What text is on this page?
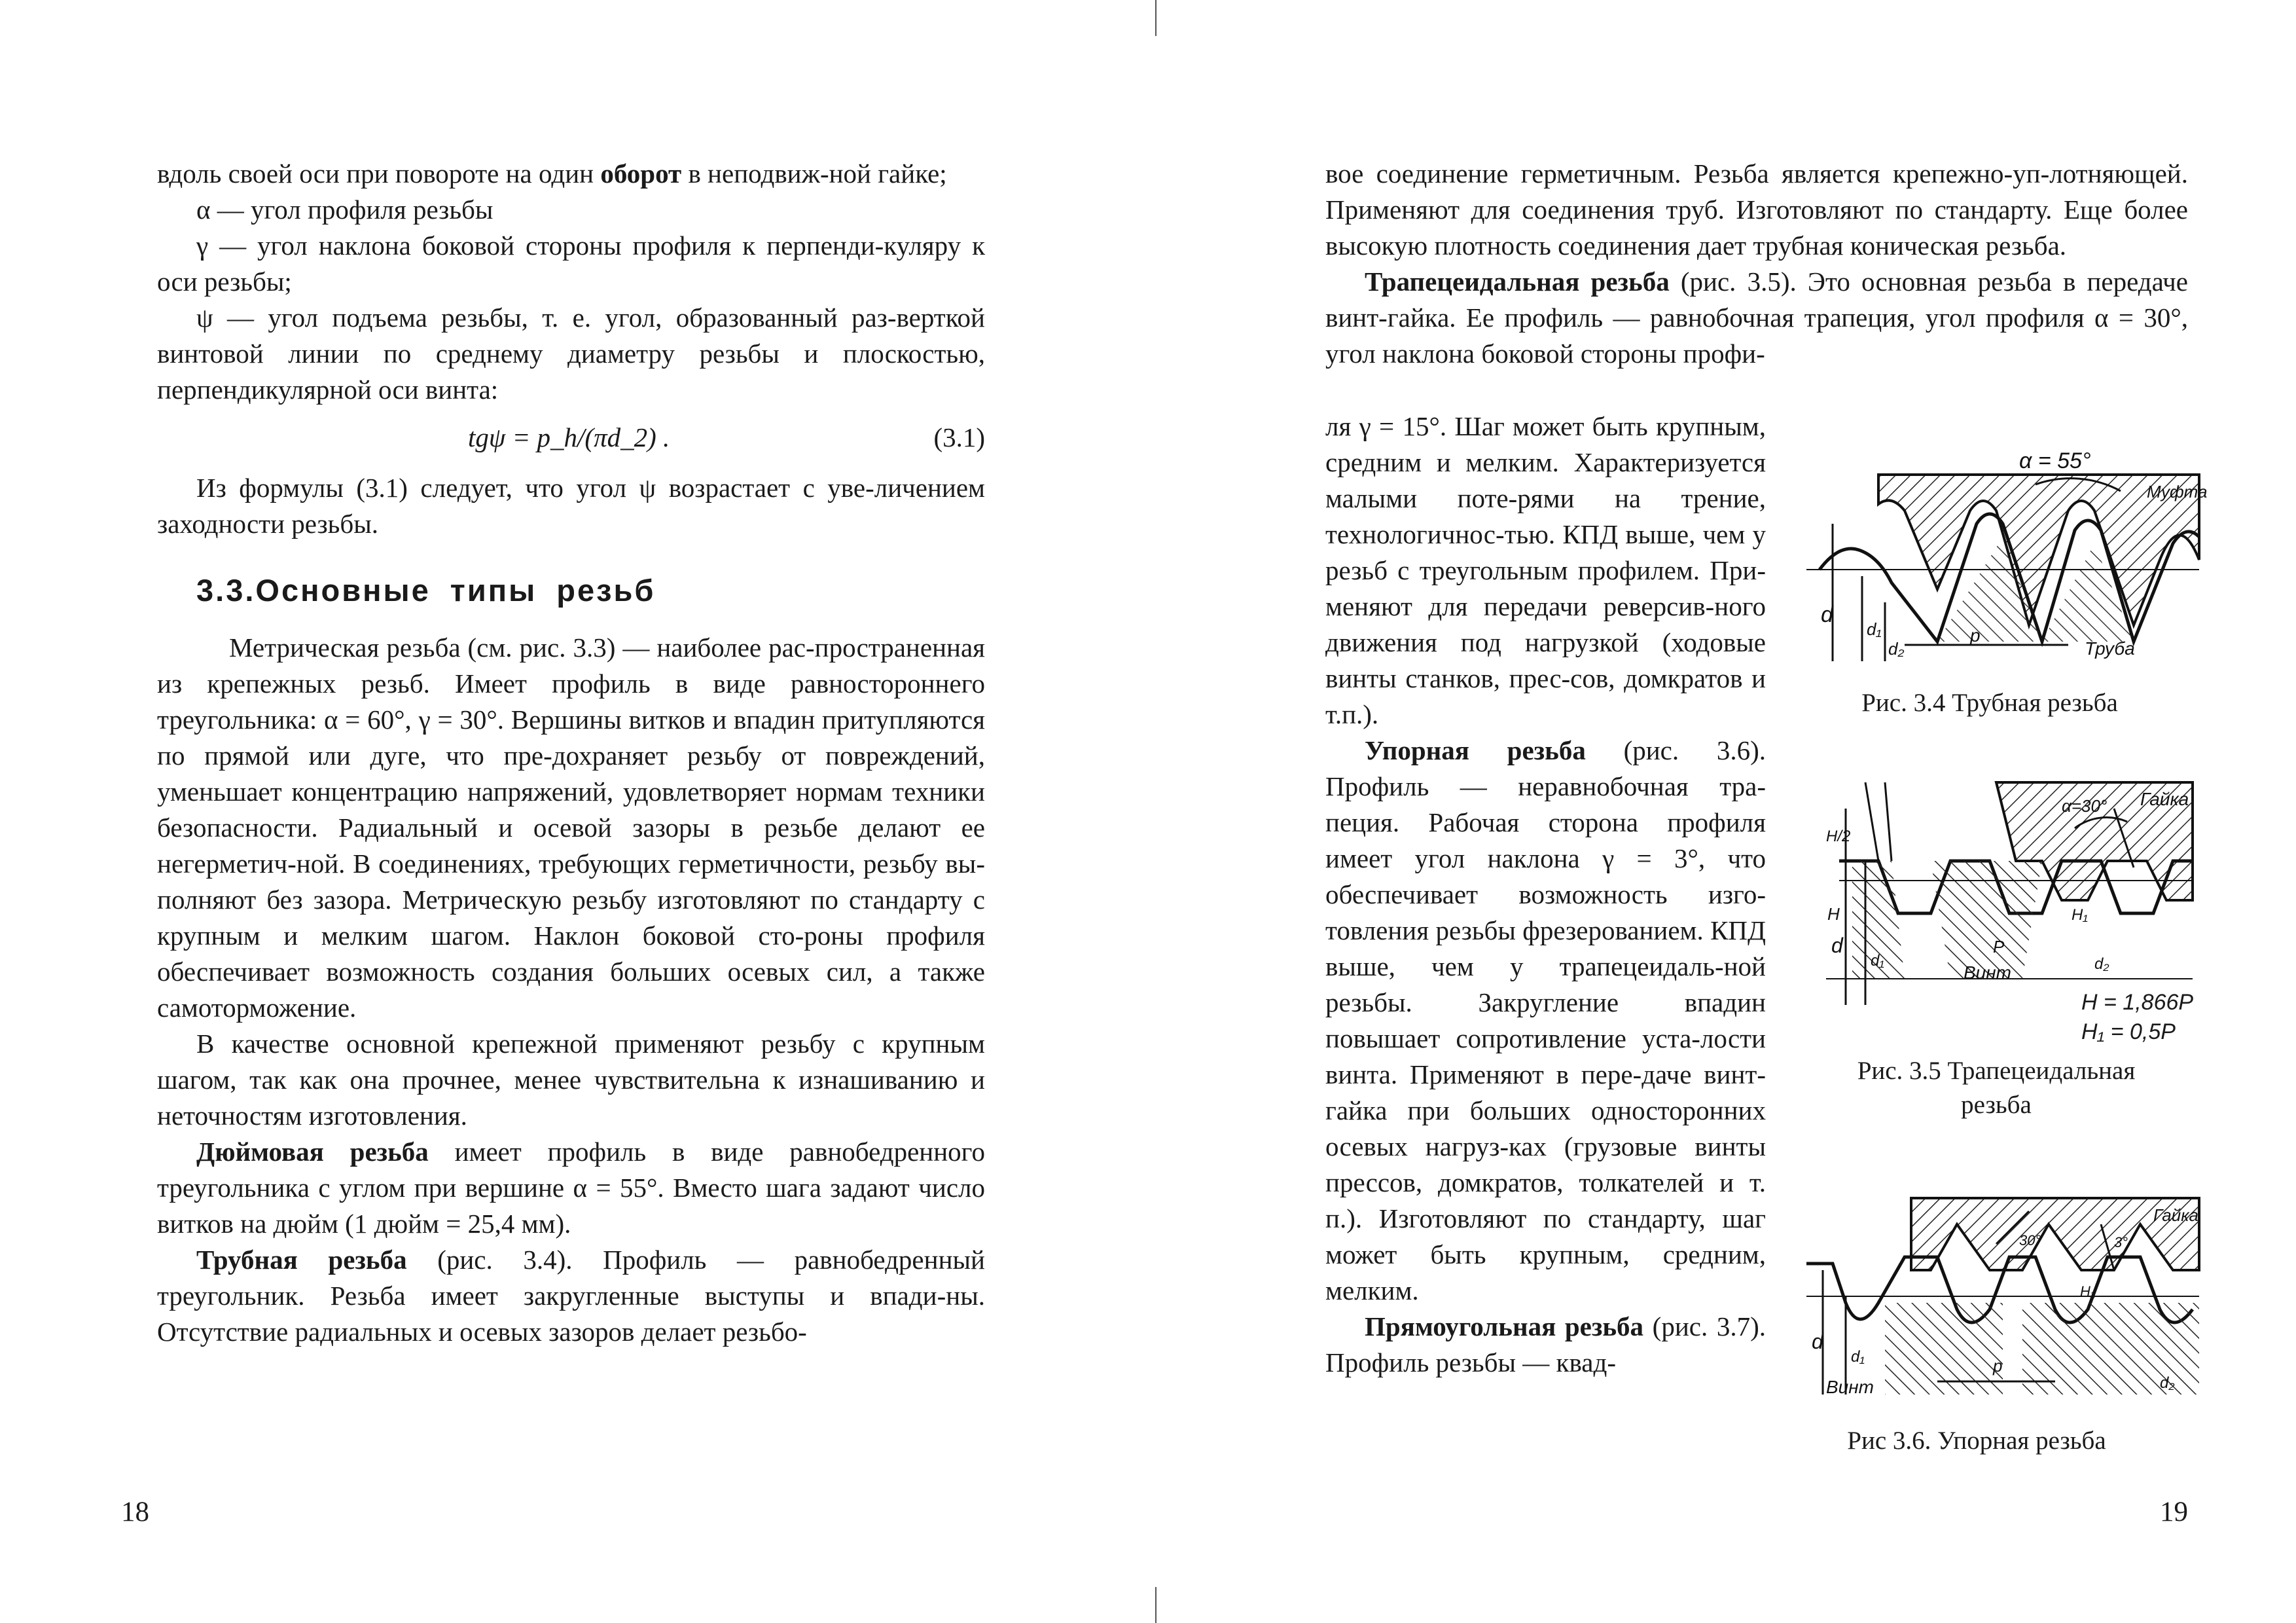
вдоль своей оси при повороте на один оборот в неподвиж-ной гайке;

α — угол профиля резьбы

γ — угол наклона боковой стороны профиля к перпенди-куляру к оси резьбы;

ψ — угол подъема резьбы, т. е. угол, образованный раз-верткой винтовой линии по среднему диаметру резьбы и плоскостью, перпендикулярной оси винта:

tgψ = p_h/(πd_2) .	(3.1)

Из формулы (3.1) следует, что угол ψ возрастает с уве-личением заходности резьбы.

3.3.Основные типы резьб

Метрическая резьба (см. рис. 3.3) — наиболее рас-пространенная из крепежных резьб. Имеет профиль в виде равностороннего треугольника: α = 60°, γ = 30°. Вершины витков и впадин притупляются по прямой или дуге, что пре-дохраняет резьбу от повреждений, уменьшает концентрацию напряжений, удовлетворяет нормам техники безопасности. Радиальный и осевой зазоры в резьбе делают ее негерметич-ной. В соединениях, требующих герметичности, резьбу вы-полняют без зазора. Метрическую резьбу изготовляют по стандарту с крупным и мелким шагом. Наклон боковой сто-роны профиля обеспечивает возможность создания больших осевых сил, а также  самоторможение.

В качестве основной крепежной применяют резьбу с крупным шагом, так как она прочнее, менее чувствительна к изнашиванию и неточностям изготовления.

Дюймовая резьба имеет профиль в виде равнобедренного треугольника с углом при вершине α = 55°. Вместо шага задают число витков на дюйм (1 дюйм = 25,4 мм).

Трубная резьба (рис. 3.4). Профиль — равнобедренный треугольник. Резьба имеет закругленные выступы и впади-ны. Отсутствие радиальных и осевых зазоров делает резьбо-

18

вое соединение герметичным. Резьба является крепежно-уп-лотняющей. Применяют для соединения труб. Изготовляют по стандарту. Еще более высокую плотность соединения дает трубная коническая резьба.

Трапецеидальная резьба (рис. 3.5). Это основная резьба в передаче винт-гайка. Ее профиль — равнобочная трапеция, угол профиля α = 30°, угол наклона боковой стороны профи-

ля γ = 15°. Шаг может быть крупным, средним и мелким. Характеризуется малыми поте-рями на трение, технологичнос-тью. КПД выше, чем у резьб с треугольным профилем. При-меняют для передачи реверсив-ного движения под нагрузкой (ходовые винты станков, прес-сов, домкратов и т.п.).

Упорная резьба (рис. 3.6). Профиль — неравнобочная тра-пеция. Рабочая сторона профиля имеет угол наклона γ = 3°, что обеспечивает возможность изго-товления резьбы фрезерованием. КПД выше, чем у трапецеидаль-ной резьбы. Закругление впадин повышает сопротивление уста-лости винта. Применяют в пере-даче винт-гайка при больших односторонних осевых нагруз-ках (грузовые винты прессов, домкратов, толкателей и т. п.). Изготовляют по стандарту, шаг может быть крупным, средним, мелким.

Прямоугольная резьба (рис. 3.7). Профиль резьбы — квад-

19
α = 55°
Муфта
d
d₁
d₂
p
Труба
Рис. 3.4 Трубная резьба
Гайка
α=30°
H/2
H	H₁
d
d₁	d₂
P
Винт
H = 1,866P
H₁ = 0,5P
Рис. 3.5 Трапецеидальная резьба
Гайка
30°	3°
H₁
d
d₁
d₂
p
Винт
Рис 3.6. Упорная резьба
